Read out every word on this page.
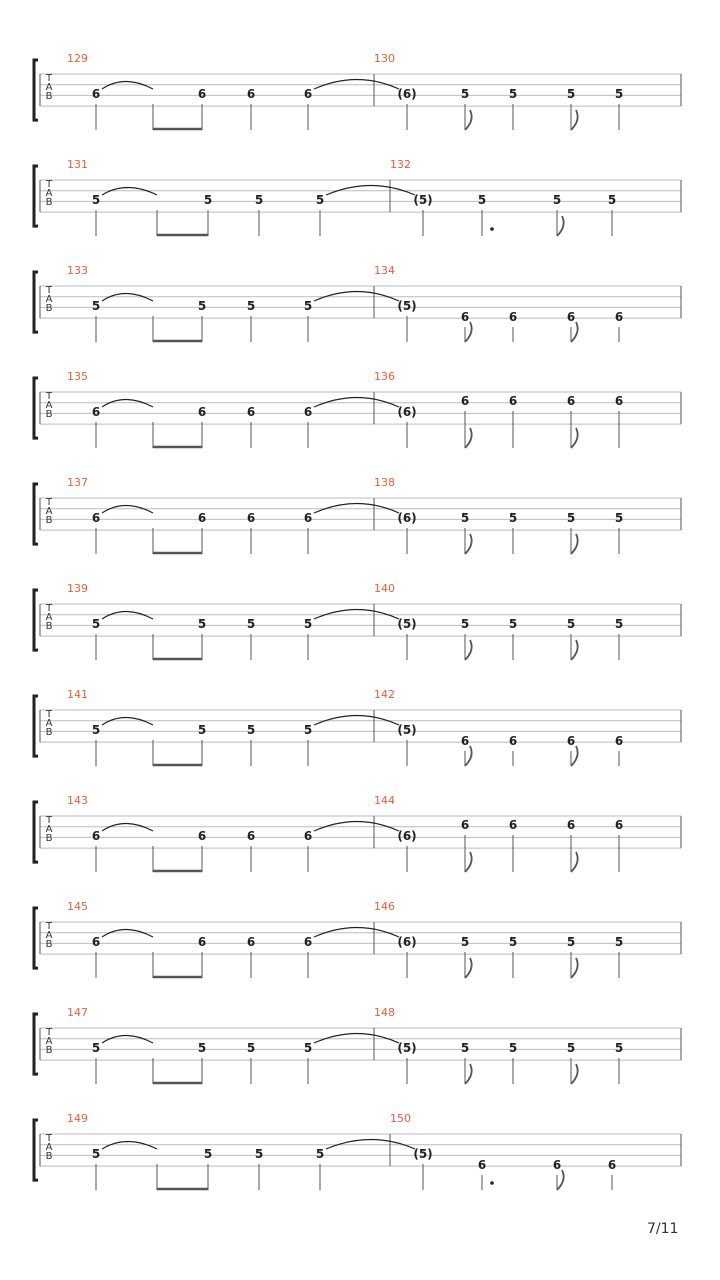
T
A
B
129	130
6	6	6	6	(6)	5	5	5	5
T
A
B
131	132
5	5	5	5	(5)	5	5	5
T
A
B
133	134
5	5	5	5	(5)
6	6	6	6
T
A
B
135	136
6	6	6	6	(6)
6	6	6	6
T
A
B
137	138
6	6	6	6	(6)	5	5	5	5
T
A
B
139	140
5	5	5	5	(5)	5	5	5	5
T
A
B
141	142
5	5	5	5	(5)
6	6	6	6
T
A
B
143	144
6	6	6	6	(6)
6	6	6	6
T
A
B
145	146
6	6	6	6	(6)	5	5	5	5
T
A
B
147	148
5	5	5	5	(5)	5	5	5	5
T
A
B
149	150
5	5	5	5	(5)
6	6	6
7/11
